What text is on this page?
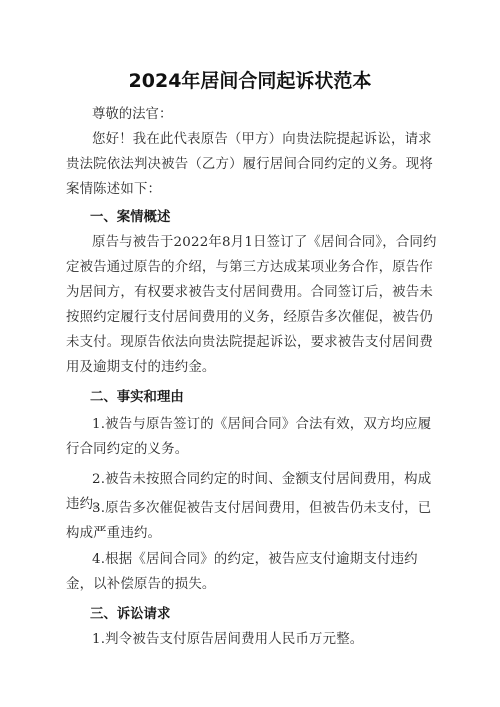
2024年居间合同起诉状范本

尊敬的法官：

您好！我在此代表原告（甲方）向贵法院提起诉讼，请求贵法院依法判决被告（乙方）履行居间合同约定的义务。现将案情陈述如下：

一、案情概述

原告与被告于2022年8月1日签订了《居间合同》，合同约定被告通过原告的介绍，与第三方达成某项业务合作，原告作为居间方，有权要求被告支付居间费用。合同签订后，被告未按照约定履行支付居间费用的义务，经原告多次催促，被告仍未支付。现原告依法向贵法院提起诉讼，要求被告支付居间费用及逾期支付的违约金。

二、事实和理由

1.被告与原告签订的《居间合同》合法有效，双方均应履行合同约定的义务。

2.被告未按照合同约定的时间、金额支付居间费用，构成违约。

3.原告多次催促被告支付居间费用，但被告仍未支付，已构成严重违约。

4.根据《居间合同》的约定，被告应支付逾期支付违约金，以补偿原告的损失。

三、诉讼请求

1.判令被告支付原告居间费用人民币万元整。
